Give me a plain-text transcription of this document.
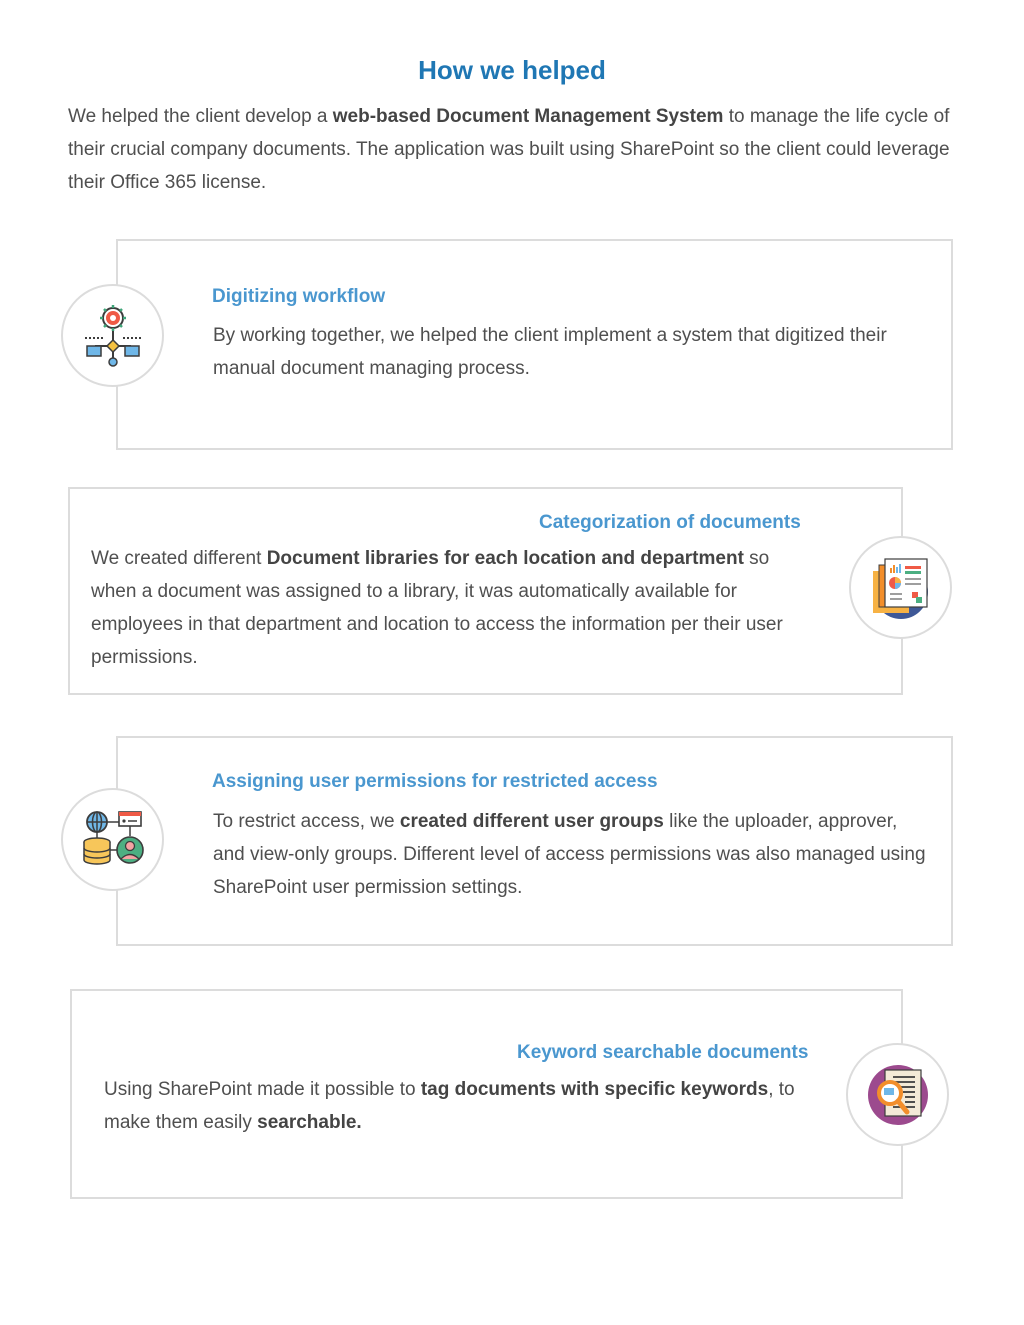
How we helped

We helped the client develop a web-based Document Management System to manage the life cycle of their crucial company documents. The application was built using SharePoint so the client could leverage their Office 365 license.

Digitizing workflow

By working together, we helped the client implement a system that digitized their manual document managing process.

Categorization of documents

We created different Document libraries for each location and department so when a document was assigned to a library, it was automatically available for employees in that department and location to access the information per their user permissions.

Assigning user permissions for restricted access

To restrict access, we created different user groups like the uploader, approver, and view-only groups. Different level of access permissions was also managed using SharePoint user permission settings.

Keyword searchable documents

Using SharePoint made it possible to tag documents with specific keywords, to make them easily searchable.
